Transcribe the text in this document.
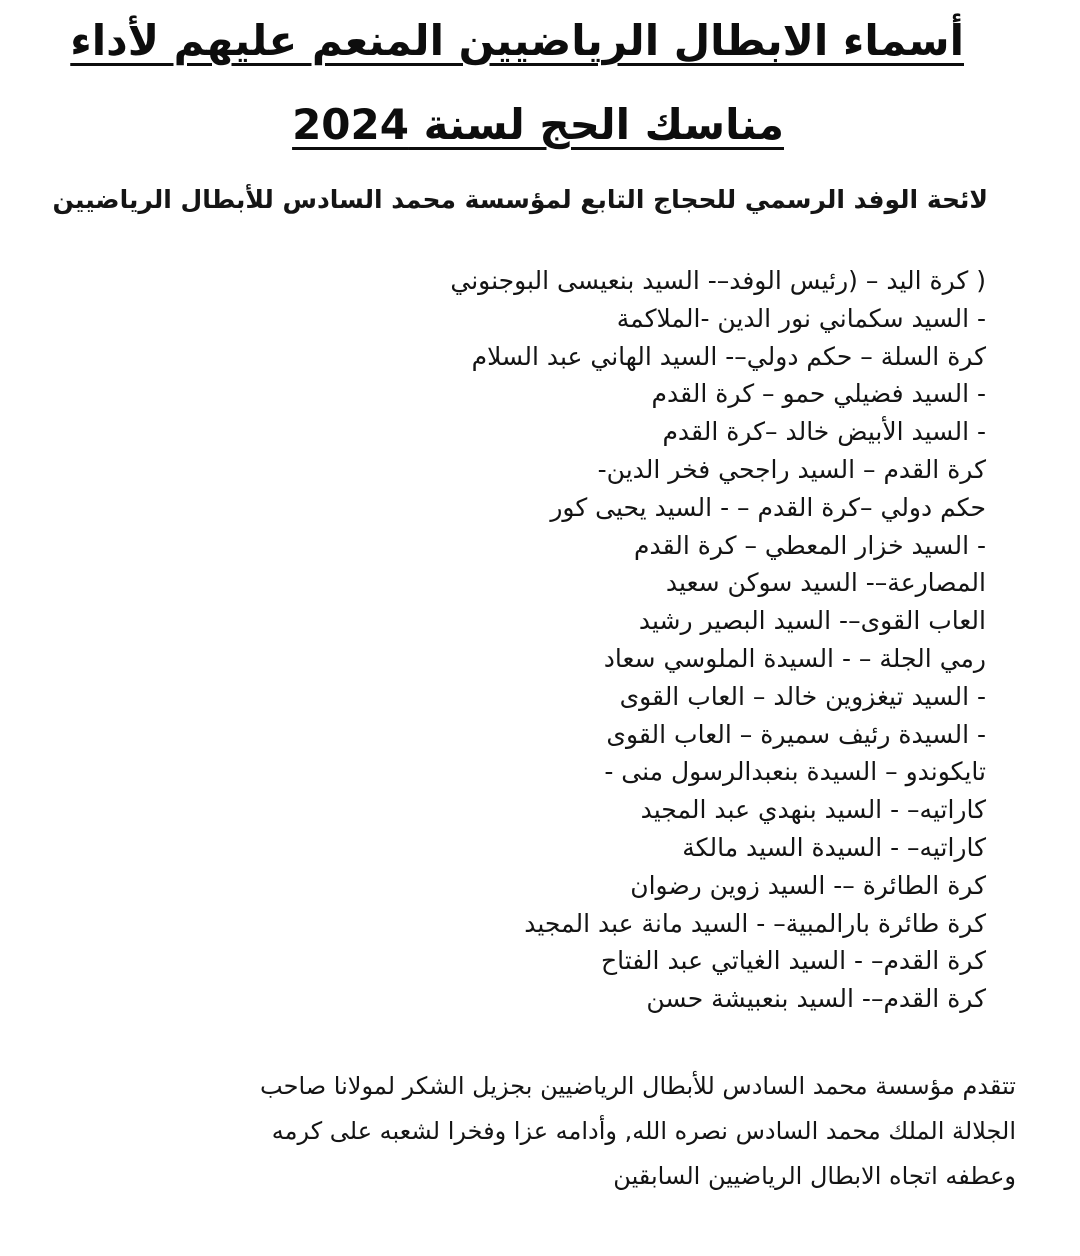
أسماء الابطال الرياضيين المنعم عليهم لأداء
مناسك الحج لسنة 2024
لائحة الوفد الرسمي للحجاج التابع لمؤسسة محمد السادس للأبطال الرياضيين
( كرة اليد – (رئيس الوفد–- السيد بنعيسى البوجنوني
- السيد سكماني نور الدين -الملاكمة
كرة السلة – حكم دولي–- السيد الهاني عبد السلام
- السيد فضيلي حمو – كرة القدم
- السيد الأبيض خالد –كرة القدم
كرة القدم – السيد راجحي فخر الدين-
حكم دولي –كرة القدم – - السيد يحيى كور
- السيد خزار المعطي – كرة القدم
المصارعة–- السيد سوكن سعيد
العاب القوى–- السيد البصير رشيد
رمي الجلة – - السيدة الملوسي سعاد
- السيد تيغزوين خالد – العاب القوى
- السيدة رئيف سميرة – العاب القوى
تايكوندو – السيدة بنعبدالرسول منى -
كاراتيه– - السيد بنهدي عبد المجيد
كاراتيه– - السيدة السيد مالكة
كرة الطائرة –- السيد زوين رضوان
كرة طائرة بارالمبية– - السيد مانة عبد المجيد
كرة القدم– - السيد الغياتي عبد الفتاح
كرة القدم–- السيد بنعبيشة حسن
تتقدم مؤسسة محمد السادس للأبطال الرياضيين بجزيل الشكر لمولانا صاحب
الجلالة الملك محمد السادس نصره الله, وأدامه عزا وفخرا لشعبه على كرمه
وعطفه اتجاه الابطال الرياضيين السابقين
